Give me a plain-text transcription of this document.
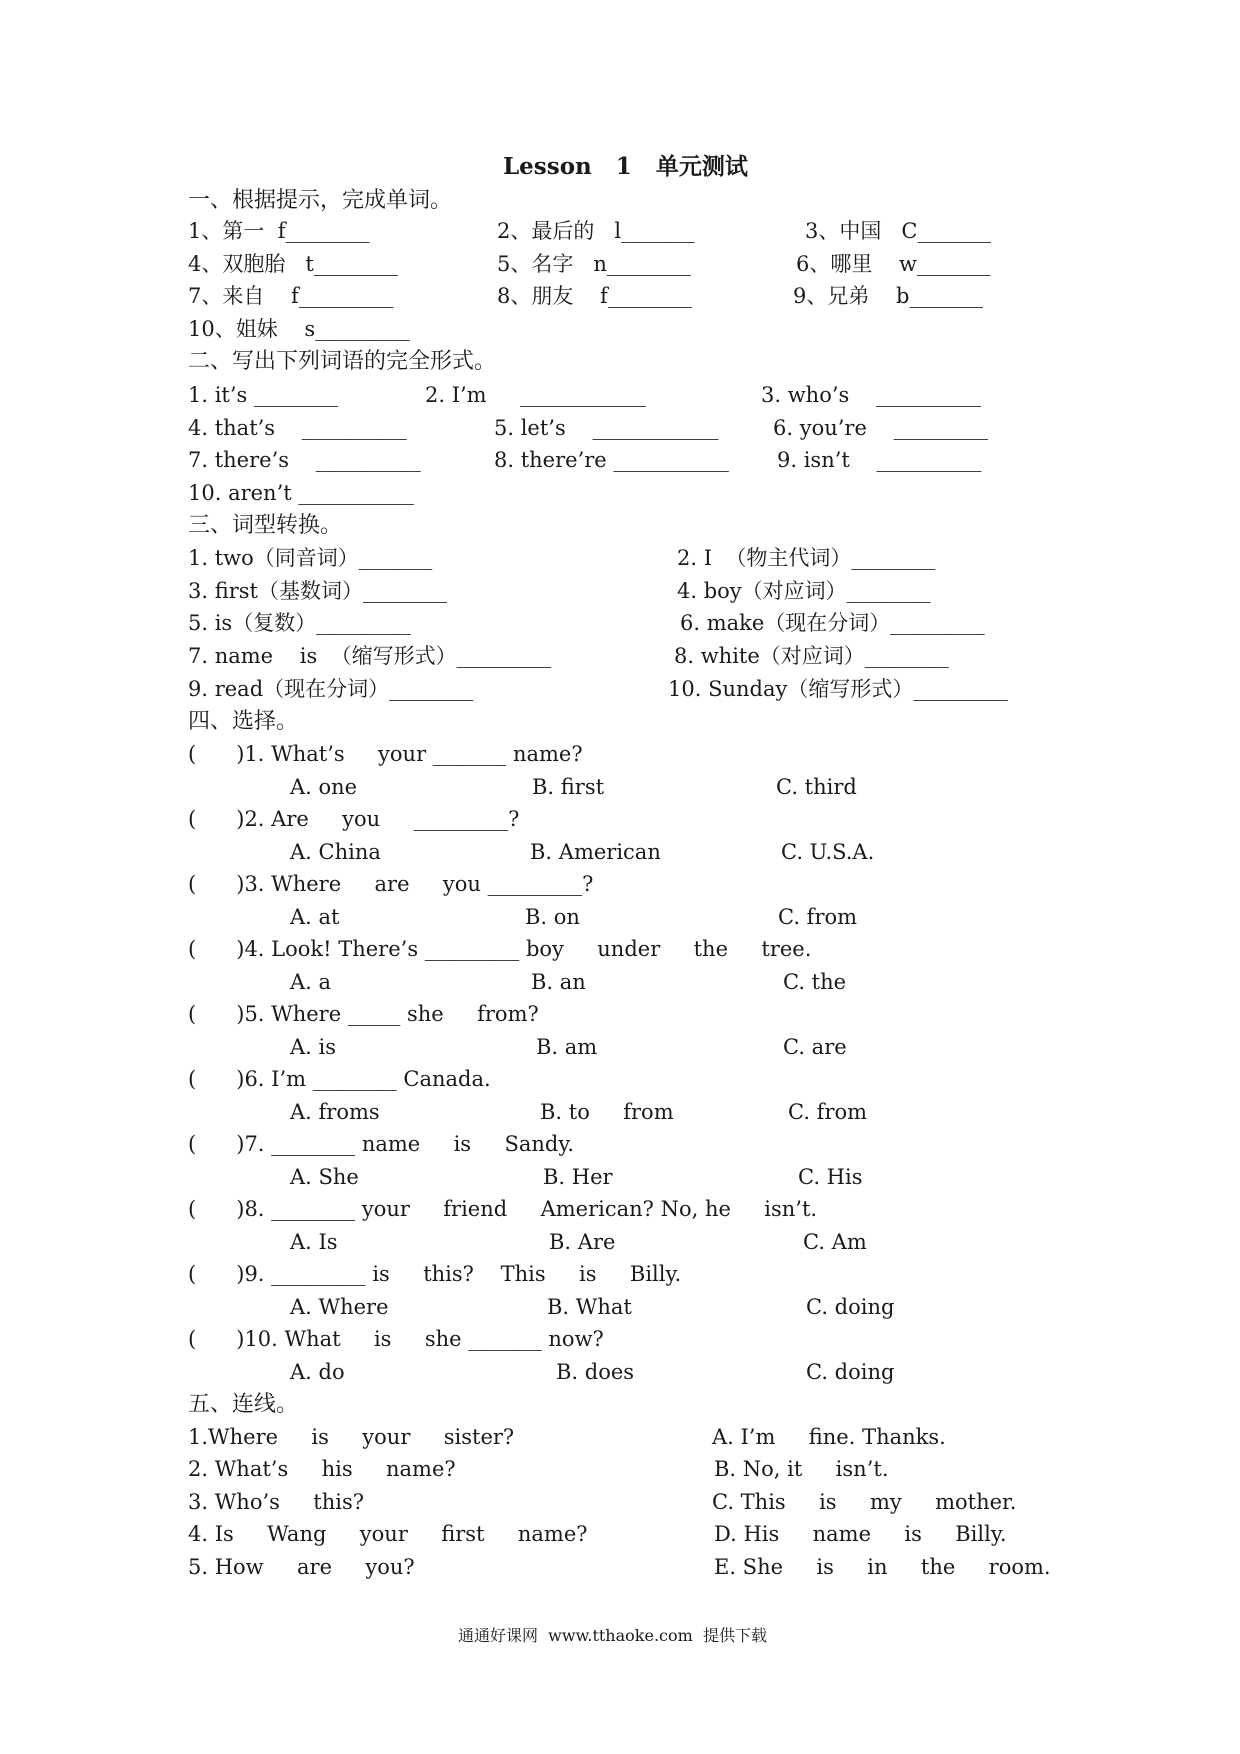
Lesson   1   单元测试
一、根据提示，完成单词。
1、第一  f________	2、最后的   l_______	3、中国   C_______
4、双胞胎   t________	5、名字   n________	6、哪里    w_______
7、来自    f_________	8、朋友    f________	9、兄弟    b_______
10、姐妹    s_________
二、写出下列词语的完全形式。
1. it’s ________	2. I’m     ____________	3. who’s    __________
4. that’s    __________	5. let’s    ____________	6. you’re    _________
7. there’s    __________	8. there’re ___________ 9. isn’t    __________
10. aren’t ___________
三、词型转换。
1. two（同音词）_______	2. I  （物主代词）________
3. first（基数词）________	4. boy（对应词）________
5. is（复数）_________	6. make（现在分词）_________
7. name    is  （缩写形式）_________	8. white（对应词）________
9. read（现在分词）________	10. Sunday（缩写形式）_________
四、选择。
(      )1. What’s     your _______ name?
A. one	B. first	C. third
(      )2. Are     you     _________?
A. China	B. American	C. U.S.A.
(      )3. Where     are     you _________?
A. at	B. on	C. from
(      )4. Look! There’s _________ boy     under     the     tree.
A. a	B. an	C. the
(      )5. Where _____ she     from?
A. is	B. am	C. are
(      )6. I’m ________ Canada.
A. froms	B. to     from	C. from
(      )7. ________ name     is     Sandy.
A. She	B. Her	C. His
(      )8. ________ your     friend     American? No, he     isn’t.
A. Is	B. Are	C. Am
(      )9. _________ is     this?    This     is     Billy.
A. Where	B. What	C. doing
(      )10. What     is     she _______ now?
A. do	B. does	C. doing
五、连线。
1.Where     is     your     sister?	A. I’m     fine. Thanks.
2. What’s     his     name?	B. No, it     isn’t.
3. Who’s     this?	C. This     is     my     mother.
4. Is     Wang     your     first     name?	D. His     name     is     Billy.
5. How     are     you?	E. She     is     in     the     room.
通通好课网  www.tthaoke.com  提供下载
